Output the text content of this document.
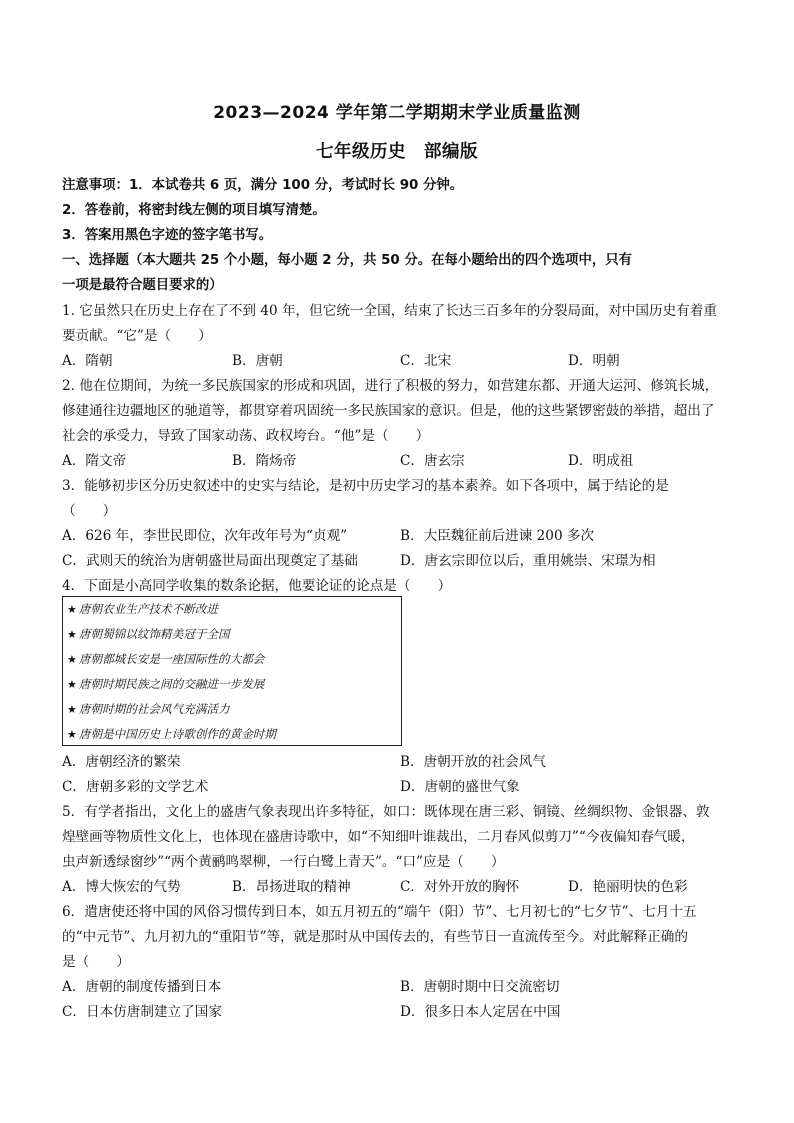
2023—2024 学年第二学期期末学业质量监测
七年级历史　部编版
注意事项：1．本试卷共 6 页，满分 100 分，考试时长 90 分钟。
2．答卷前，将密封线左侧的项目填写清楚。
3．答案用黑色字迹的签字笔书写。
一、选择题（本大题共 25 个小题，每小题 2 分，共 50 分。在每小题给出的四个选项中，只有
一项是最符合题目要求的）
1. 它虽然只在历史上存在了不到 40 年，但它统一全国，结束了长达三百多年的分裂局面，对中国历史有着重
要贡献。“它”是（　　）
A．隋朝	B．唐朝	C．北宋	D．明朝
2. 他在位期间，为统一多民族国家的形成和巩固，进行了积极的努力，如营建东都、开通大运河、修筑长城，
修建通往边疆地区的驰道等，都贯穿着巩固统一多民族国家的意识。但是，他的这些紧锣密鼓的举措，超出了
社会的承受力，导致了国家动荡、政权垮台。“他”是（　　）
A．隋文帝	B．隋炀帝	C．唐玄宗	D．明成祖
3．能够初步区分历史叙述中的史实与结论，是初中历史学习的基本素养。如下各项中，属于结论的是
（　　）
A．626 年，李世民即位，次年改年号为“贞观”	B．大臣魏征前后进谏 200 多次
C．武则天的统治为唐朝盛世局面出现奠定了基础	D．唐玄宗即位以后，重用姚崇、宋璟为相
4．下面是小高同学收集的数条论据，他要论证的论点是（　　）
★ 唐朝农业生产技术不断改进
★ 唐朝蜀锦以纹饰精美冠于全国
★ 唐朝都城长安是一座国际性的大都会
★ 唐朝时期民族之间的交融进一步发展
★ 唐朝时期的社会风气充满活力
★ 唐朝是中国历史上诗歌创作的黄金时期
A．唐朝经济的繁荣	B．唐朝开放的社会风气
C．唐朝多彩的文学艺术	D．唐朝的盛世气象
5．有学者指出，文化上的盛唐气象表现出许多特征，如口：既体现在唐三彩、铜镜、丝绸织物、金银器、敦
煌壁画等物质性文化上，也体现在盛唐诗歌中，如“不知细叶谁裁出，二月春风似剪刀”“今夜偏知春气暖，
虫声新透绿窗纱”“两个黄鹂鸣翠柳，一行白鹭上青天”。“口”应是（　　）
A．博大恢宏的气势	B．昂扬进取的精神	C．对外开放的胸怀	D．艳丽明快的色彩
6．遣唐使还将中国的风俗习惯传到日本，如五月初五的“端午（阳）节”、七月初七的“七夕节”、七月十五
的“中元节”、九月初九的“重阳节”等，就是那时从中国传去的，有些节日一直流传至今。对此解释正确的
是（　　）
A．唐朝的制度传播到日本	B．唐朝时期中日交流密切
C．日本仿唐制建立了国家	D．很多日本人定居在中国
